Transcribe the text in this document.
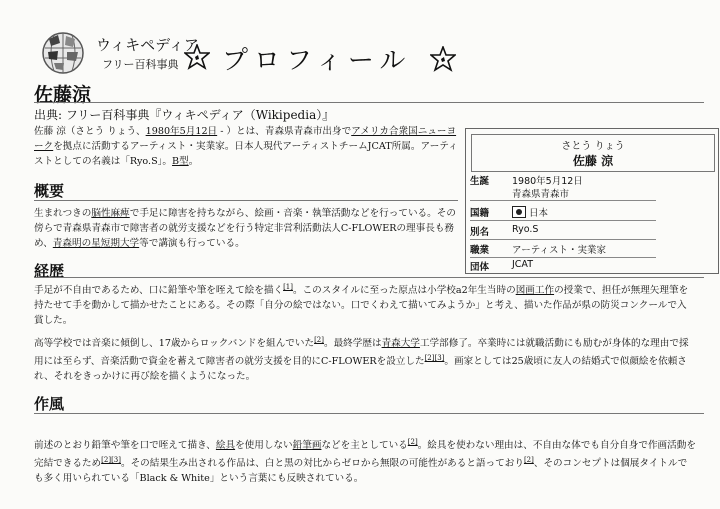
ウィキペディア
フリー百科事典 プロフィール
佐藤涼
出典: フリー百科事典『ウィキペディア（Wikipedia）』
佐藤 涼（さとう りょう、1980年5月12日 - ）とは、青森県青森市出身でアメリカ合衆国ニューヨークを拠点に活動するアーティスト・実業家。日本人現代アーティストチームJCAT所属。アーティストとしての名義は「Ryo.S」。B型。
概要
生まれつきの脳性麻痺で手足に障害を持ちながら、絵画・音楽・執筆活動などを行っている。その傍らで青森県青森市で障害者の就労支援などを行う特定非営利活動法人C-FLOWERの理事長も務め、青森明の星短期大学等で講演も行っている。
経歴
手足が不自由であるため、口に鉛筆や筆を咥えて絵を描く[1]。このスタイルに至った原点は小学校a2年生当時の図画工作の授業で、担任が無理矢理筆を持たせて手を動かして描かせたことにある。その際「自分の絵ではない。口でくわえて描いてみようか」と考え、描いた作品が県の防災コンクールで入賞した。
高等学校では音楽に傾倒し、17歳からロックバンドを組んでいた[2]。最終学歴は青森大学工学部修了。卒業時には就職活動にも励むが身体的な理由で採用には至らず、音楽活動で資金を蓄えて障害者の就労支援を目的にC-FLOWERを設立した[2][3]。画家としては25歳頃に友人の結婚式で似顔絵を依頼され、それをきっかけに再び絵を描くようになった。
作風
前述のとおり鉛筆や筆を口で咥えて描き、絵具を使用しない鉛筆画などを主としている[2]。絵具を使わない理由は、不自由な体でも自分自身で作画活動を完結できるため[2][3]。その結果生み出される作品は、白と黒の対比からゼロから無限の可能性があると語っており[2]、そのコンセプトは個展タイトルでも多く用いられている「Black & White」という言葉にも反映されている。
さとう りょう
佐藤 涼
生誕 1980年5月12日
青森県青森市
国籍	日本
別名 Ryo.S
職業 アーティスト・実業家
団体 JCAT
